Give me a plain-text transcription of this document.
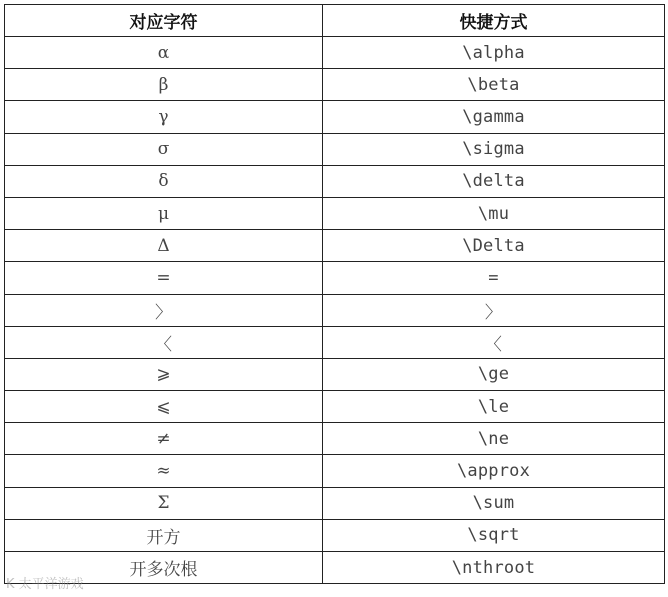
对应字符	快捷方式
α	\alpha
β	\beta
γ	\gamma
σ	\sigma
δ	\delta
μ	\mu
Δ	\Delta
=	=
〉	〉
〈	〈
⩾	\ge
⩽	\le
≠	\ne
≈	\approx
Σ	\sum
开方	\sqrt
开多次根	\nthroot
K 太平洋游戏
